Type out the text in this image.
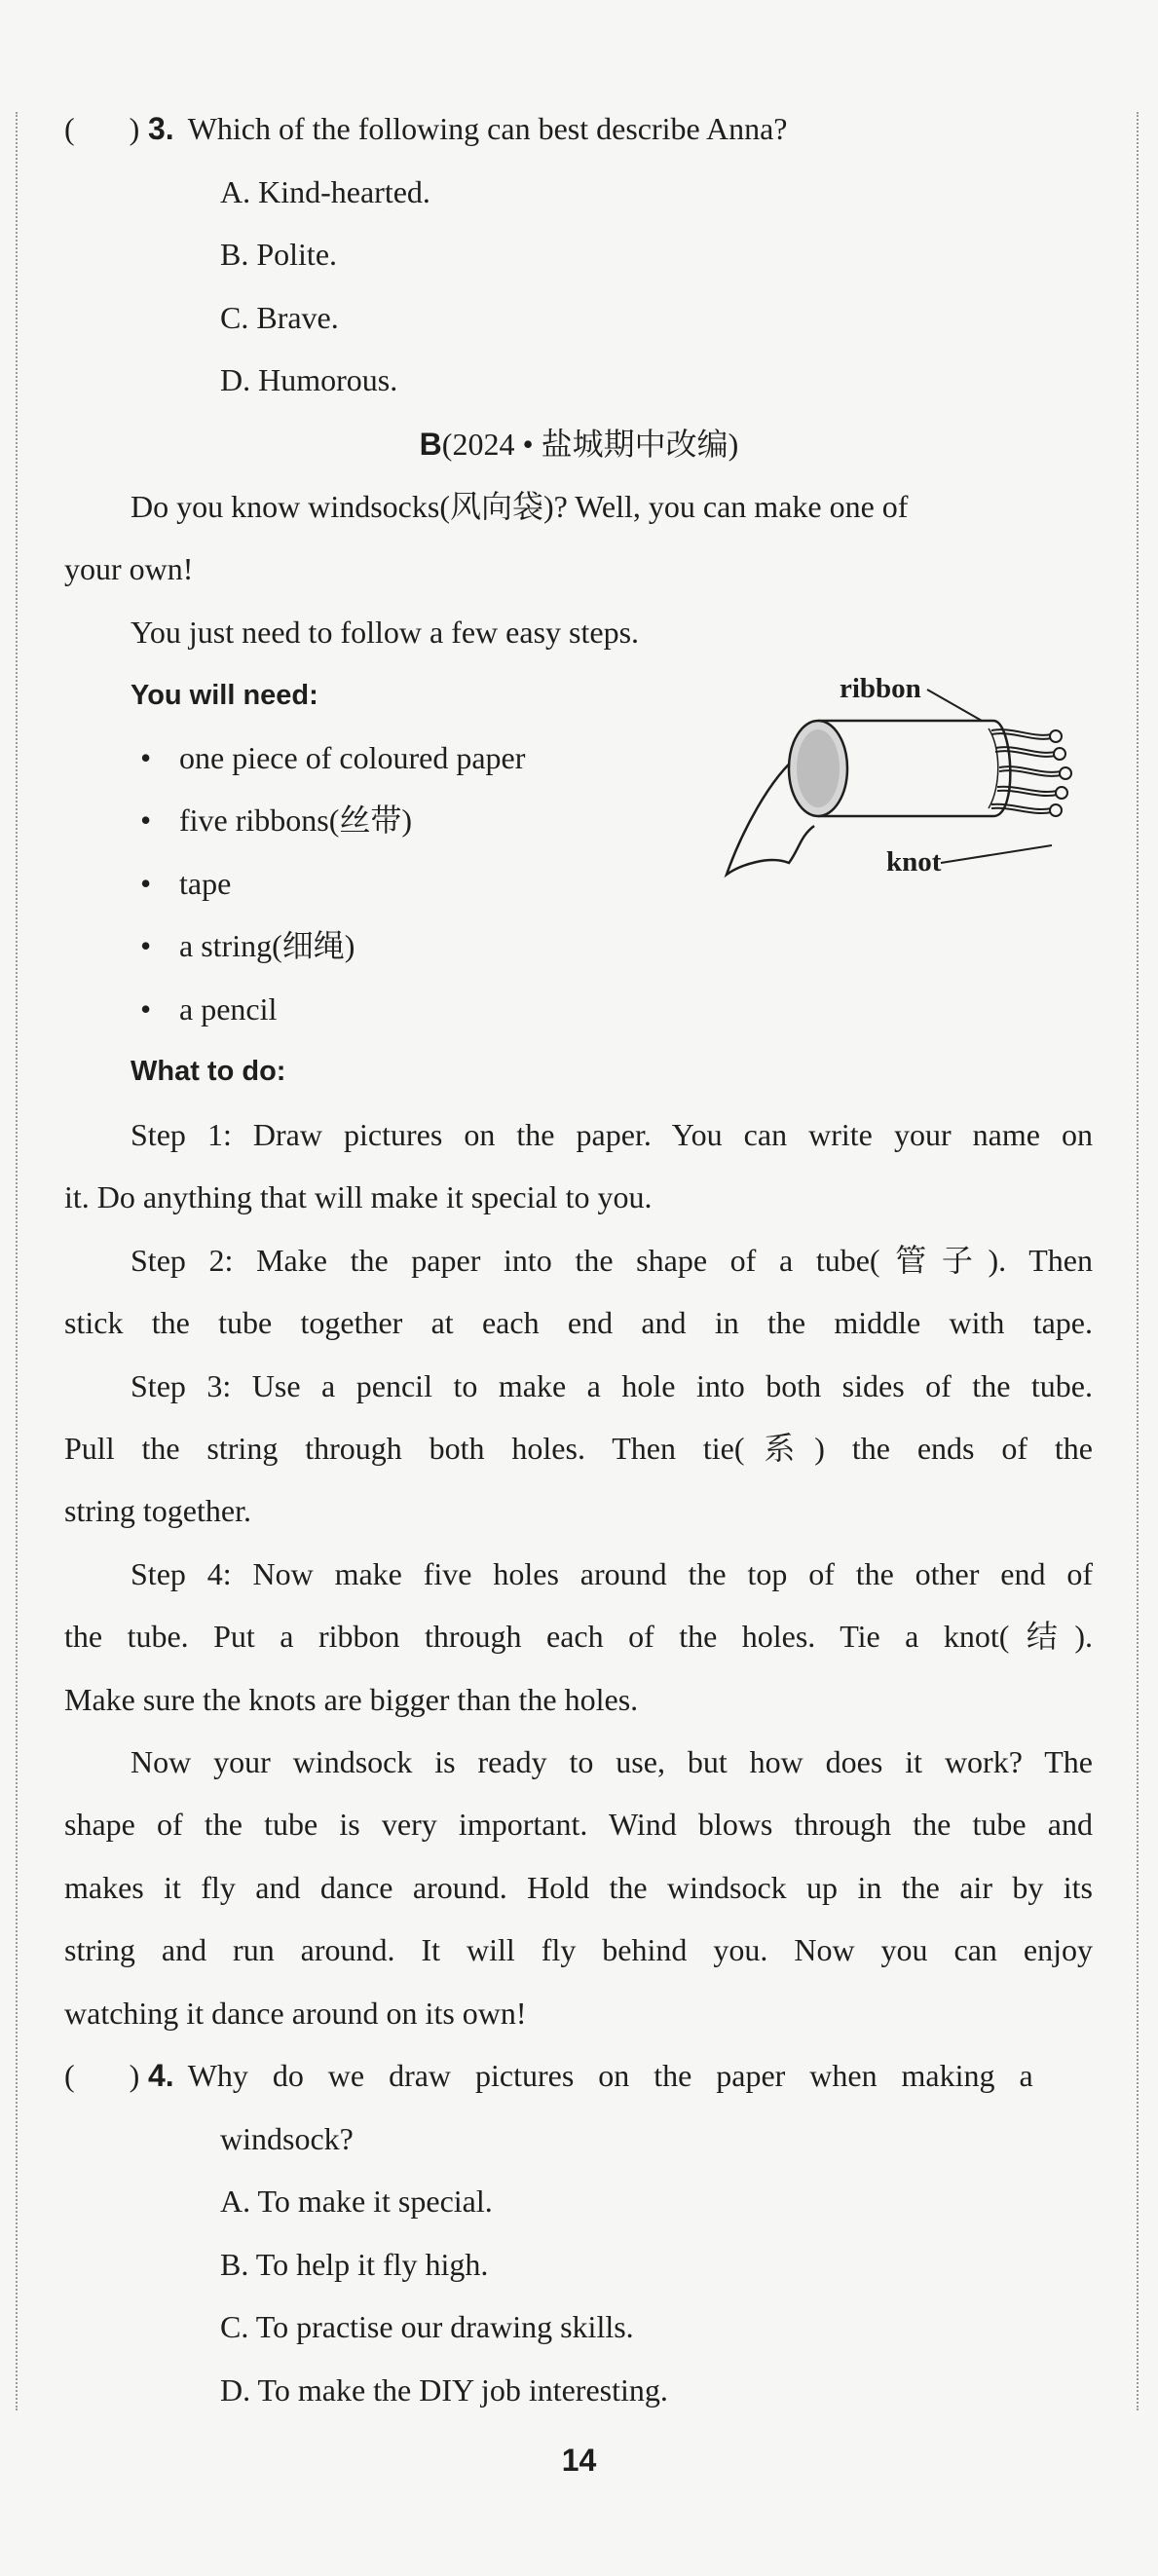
( ) 3. Which of the following can best describe Anna?
A. Kind-hearted.
B. Polite.
C. Brave.
D. Humorous.
B(2024 • 盐城期中改编)
Do you know windsocks(风向袋)? Well, you can make one of
your own!
You just need to follow a few easy steps.
You will need:
• one piece of coloured paper
• five ribbons(丝带)
• tape
• a string(细绳)
• a pencil
ribbon
knot
What to do:
Step 1: Draw pictures on the paper. You can write your name on
it. Do anything that will make it special to you.
Step 2: Make the paper into the shape of a tube(管子). Then
stick the tube together at each end and in the middle with tape.
Step 3: Use a pencil to make a hole into both sides of the tube.
Pull the string through both holes. Then tie(系) the ends of the
string together.
Step 4: Now make five holes around the top of the other end of
the tube. Put a ribbon through each of the holes. Tie a knot(结).
Make sure the knots are bigger than the holes.
Now your windsock is ready to use, but how does it work? The
shape of the tube is very important. Wind blows through the tube and
makes it fly and dance around. Hold the windsock up in the air by its
string and run around. It will fly behind you. Now you can enjoy
watching it dance around on its own!
( ) 4. Why do we draw pictures on the paper when making a
windsock?
A. To make it special.
B. To help it fly high.
C. To practise our drawing skills.
D. To make the DIY job interesting.
14
